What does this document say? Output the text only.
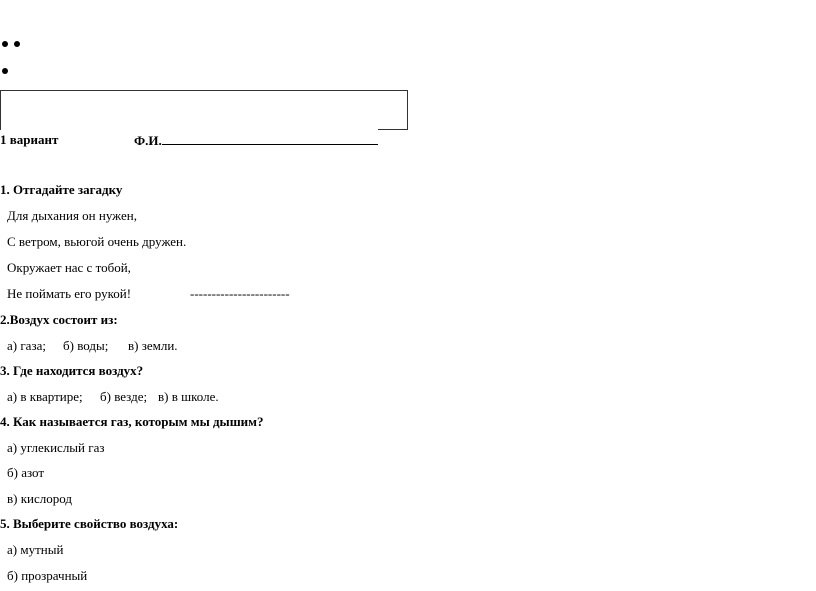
1 вариант	Ф.И.
1. Отгадайте загадку
Для дыхания он нужен,
С ветром, вьюгой очень дружен.
Окружает нас с тобой,
Не поймать его рукой!	-----------------------
2.Воздух состоит из:
а) газа; б) воды; в) земли.
3. Где находится воздух?
а) в квартире; б) везде; в) в школе.
4. Как называется газ, которым мы дышим?
а) углекислый газ
б) азот
в) кислород
5. Выберите свойство воздуха:
а) мутный
б) прозрачный
